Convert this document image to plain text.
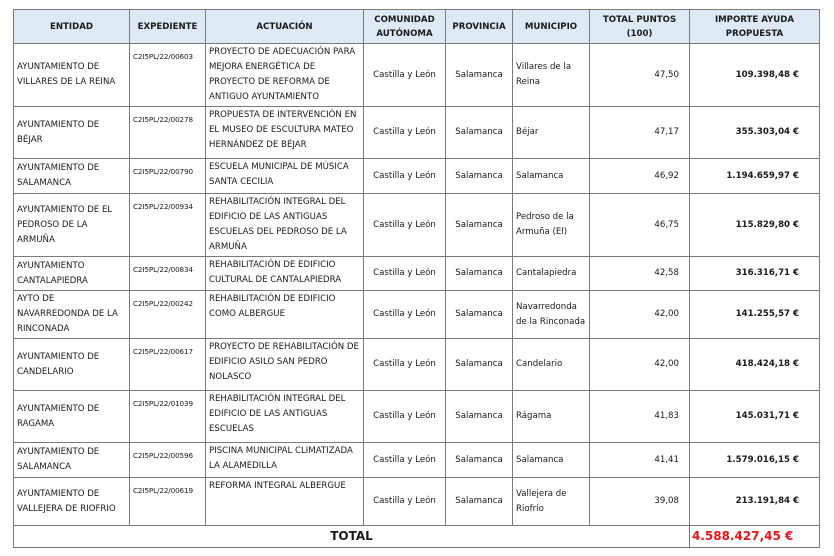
ENTIDAD	EXPEDIENTE	ACTUACIÓN	COMUNIDAD AUTÓNOMA	PROVINCIA	MUNICIPIO	TOTAL PUNTOS (100)	IMPORTE AYUDA PROPUESTA
AYUNTAMIENTO DE VILLARES DE LA REINA	C2I5PL/22/00603	PROYECTO DE ADECUACIÓN PARA MEJORA ENERGÉTICA DE PROYECTO DE REFORMA DE ANTIGUO AYUNTAMIENTO	Castilla y León	Salamanca	Villares de la Reina	47,50	109.398,48 €
AYUNTAMIENTO DE BÉJAR	C2I5PL/22/00278	PROPUESTA DE INTERVENCIÓN EN EL MUSEO DE ESCULTURA MATEO HERNÁNDEZ DE BÉJAR	Castilla y León	Salamanca	Béjar	47,17	355.303,04 €
AYUNTAMIENTO DE SALAMANCA	C2I5PL/22/00790	ESCUELA MUNICIPAL DE MÚSICA SANTA CECILIA	Castilla y León	Salamanca	Salamanca	46,92	1.194.659,97 €
AYUNTAMIENTO DE EL PEDROSO DE LA ARMUÑA	C2I5PL/22/00934	REHABILITACIÓN INTEGRAL DEL EDIFICIO DE LAS ANTIGUAS ESCUELAS DEL PEDROSO DE LA ARMUÑA	Castilla y León	Salamanca	Pedroso de la Armuña (El)	46,75	115.829,80 €
AYUNTAMIENTO CANTALAPIEDRA	C2I5PL/22/00834	REHABILITACIÓN DE EDIFICIO CULTURAL DE CANTALAPIEDRA	Castilla y León	Salamanca	Cantalapiedra	42,58	316.316,71 €
AYTO DE NAVARREDONDA DE LA RINCONADA	C2I5PL/22/00242	REHABILITACIÓN DE EDIFICIO COMO ALBERGUE	Castilla y León	Salamanca	Navarredonda de la Rinconada	42,00	141.255,57 €
AYUNTAMIENTO DE CANDELARIO	C2I5PL/22/00617	PROYECTO DE REHABILITACIÓN DE EDIFICIO ASILO SAN PEDRO NOLASCO	Castilla y León	Salamanca	Candelario	42,00	418.424,18 €
AYUNTAMIENTO DE RAGAMA	C2I5PL/22/01039	REHABILITACIÓN INTEGRAL DEL EDIFICIO DE LAS ANTIGUAS ESCUELAS	Castilla y León	Salamanca	Rágama	41,83	145.031,71 €
AYUNTAMIENTO DE SALAMANCA	C2I5PL/22/00596	PISCINA MUNICIPAL CLIMATIZADA LA ALAMEDILLA	Castilla y León	Salamanca	Salamanca	41,41	1.579.016,15 €
AYUNTAMIENTO DE VALLEJERA DE RIOFRIO	C2I5PL/22/00619	REFORMA INTEGRAL ALBERGUE	Castilla y León	Salamanca	Vallejera de Riofrío	39,08	213.191,84 €
TOTAL							4.588.427,45 €
